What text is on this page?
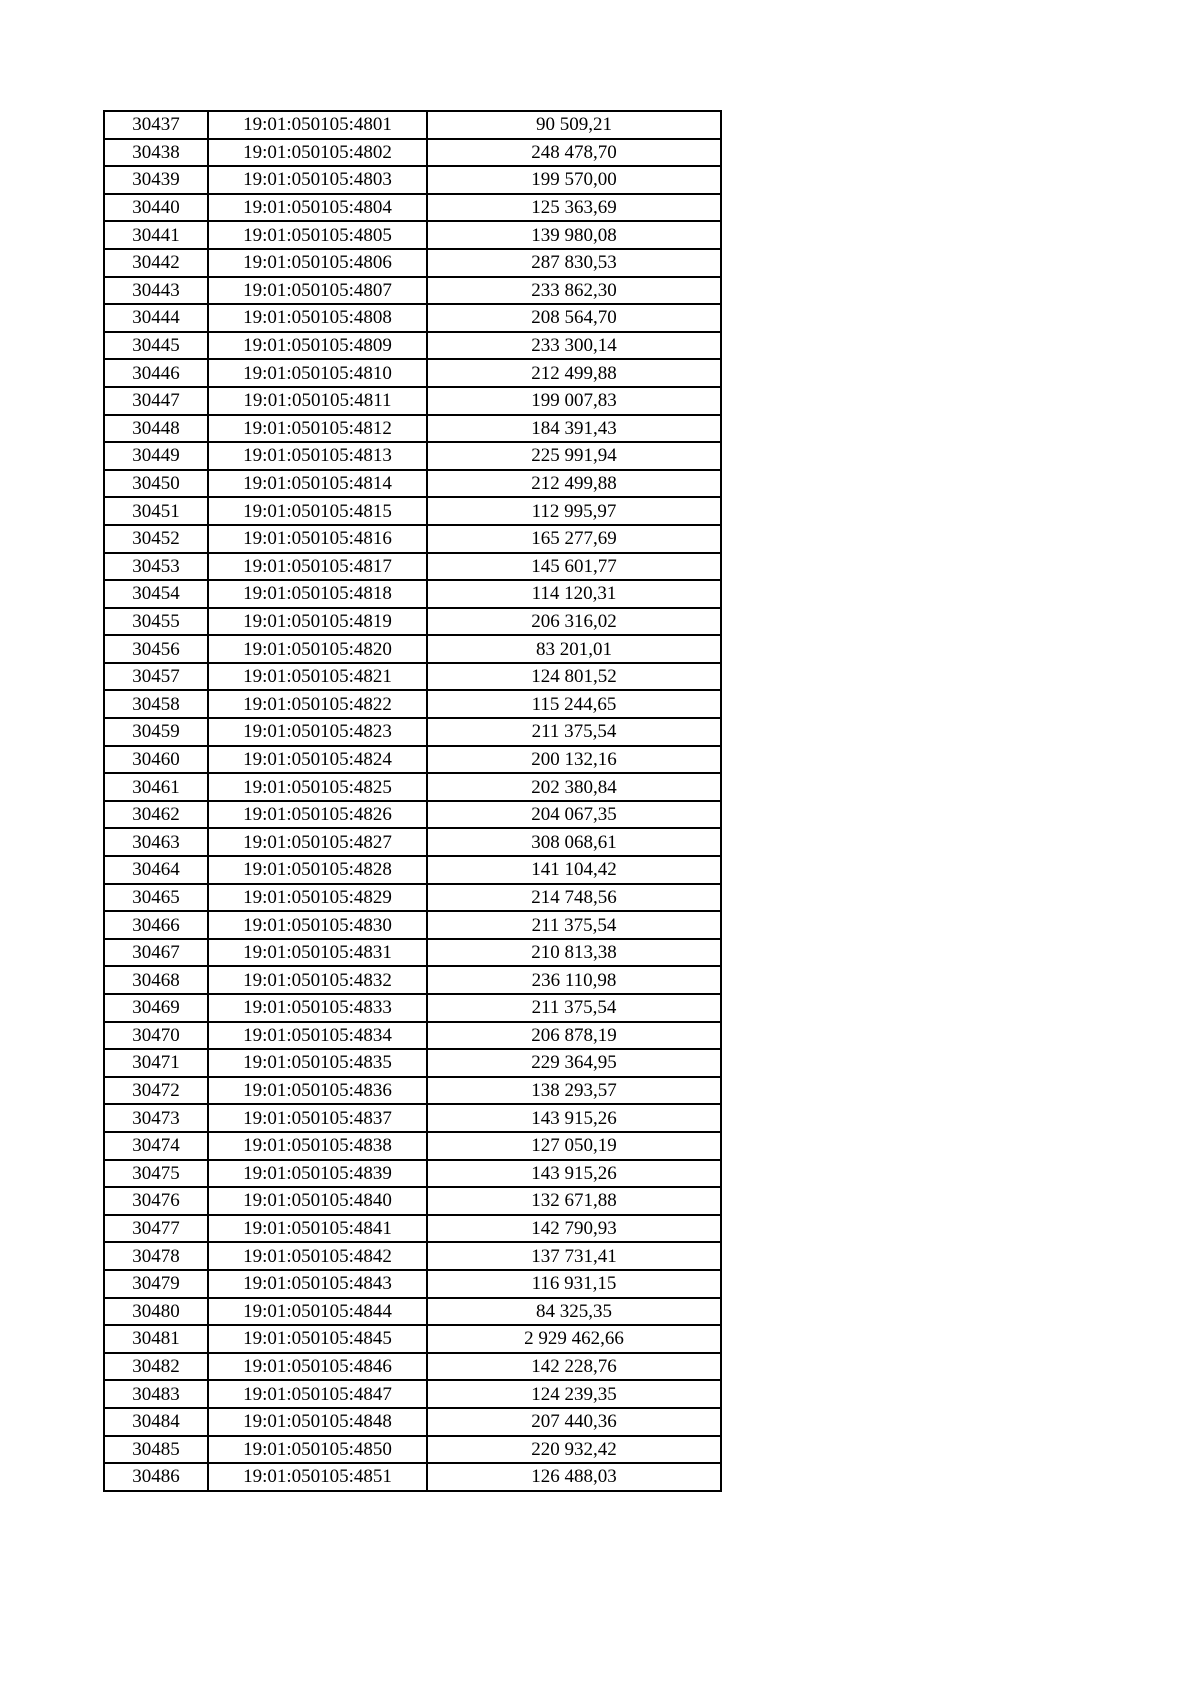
30437	19:01:050105:4801	90 509,21
30438	19:01:050105:4802	248 478,70
30439	19:01:050105:4803	199 570,00
30440	19:01:050105:4804	125 363,69
30441	19:01:050105:4805	139 980,08
30442	19:01:050105:4806	287 830,53
30443	19:01:050105:4807	233 862,30
30444	19:01:050105:4808	208 564,70
30445	19:01:050105:4809	233 300,14
30446	19:01:050105:4810	212 499,88
30447	19:01:050105:4811	199 007,83
30448	19:01:050105:4812	184 391,43
30449	19:01:050105:4813	225 991,94
30450	19:01:050105:4814	212 499,88
30451	19:01:050105:4815	112 995,97
30452	19:01:050105:4816	165 277,69
30453	19:01:050105:4817	145 601,77
30454	19:01:050105:4818	114 120,31
30455	19:01:050105:4819	206 316,02
30456	19:01:050105:4820	83 201,01
30457	19:01:050105:4821	124 801,52
30458	19:01:050105:4822	115 244,65
30459	19:01:050105:4823	211 375,54
30460	19:01:050105:4824	200 132,16
30461	19:01:050105:4825	202 380,84
30462	19:01:050105:4826	204 067,35
30463	19:01:050105:4827	308 068,61
30464	19:01:050105:4828	141 104,42
30465	19:01:050105:4829	214 748,56
30466	19:01:050105:4830	211 375,54
30467	19:01:050105:4831	210 813,38
30468	19:01:050105:4832	236 110,98
30469	19:01:050105:4833	211 375,54
30470	19:01:050105:4834	206 878,19
30471	19:01:050105:4835	229 364,95
30472	19:01:050105:4836	138 293,57
30473	19:01:050105:4837	143 915,26
30474	19:01:050105:4838	127 050,19
30475	19:01:050105:4839	143 915,26
30476	19:01:050105:4840	132 671,88
30477	19:01:050105:4841	142 790,93
30478	19:01:050105:4842	137 731,41
30479	19:01:050105:4843	116 931,15
30480	19:01:050105:4844	84 325,35
30481	19:01:050105:4845	2 929 462,66
30482	19:01:050105:4846	142 228,76
30483	19:01:050105:4847	124 239,35
30484	19:01:050105:4848	207 440,36
30485	19:01:050105:4850	220 932,42
30486	19:01:050105:4851	126 488,03
